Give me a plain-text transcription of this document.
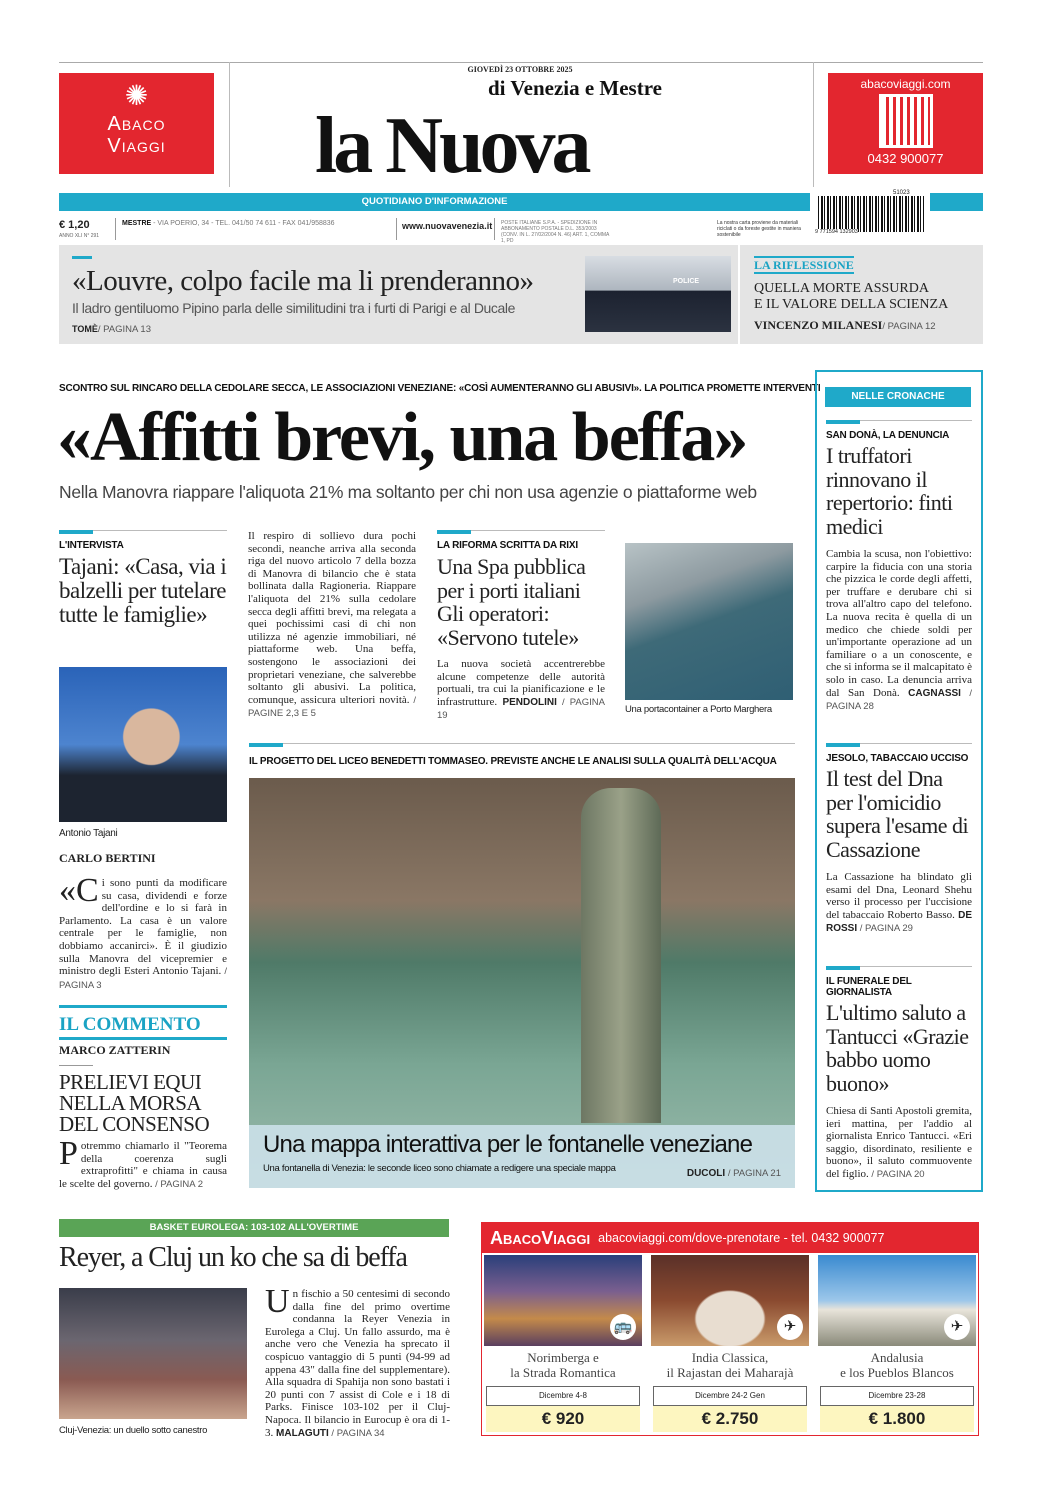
✺
Abaco
Viaggi
GIOVEDÌ 23 OTTOBRE 2025
di Venezia e Mestre
la Nuova
abacoviaggi.com
0432 900077
QUOTIDIANO D'INFORMAZIONE
51023
9 771594 132903
€ 1,20
ANNO XLI N° 291
MESTRE - VIA POERIO, 34 - TEL. 041/50 74 611 - FAX 041/958836	www.nuovavenezia.it POSTE ITALIANE S.P.A. - SPEDIZIONE IN ABBONAMENTO POSTALE D.L. 353/2003 (CONV. IN L. 27/02/2004 N. 46) ART. 1, COMMA 1, PD
La nostra carta proviene da materiali riciclati o da foreste gestite in maniera sostenibile
«Louvre, colpo facile ma li prenderanno»
Il ladro gentiluomo Pipino parla delle similitudini tra i furti di Parigi e al Ducale
TOMÈ/ PAGINA 13
POLICE
LA RIFLESSIONE
QUELLA MORTE ASSURDA
E IL VALORE DELLA SCIENZA
VINCENZO MILANESI/ PAGINA 12
SCONTRO SUL RINCARO DELLA CEDOLARE SECCA, LE ASSOCIAZIONI VENEZIANE: «COSÌ AUMENTERANNO GLI ABUSIVI». LA POLITICA PROMETTE INTERVENTI
«Affitti brevi, una beffa»
Nella Manovra riappare l'aliquota 21% ma soltanto per chi non usa agenzie o piattaforme web
L'INTERVISTA
Tajani: «Casa, via i balzelli per tutelare tutte le famiglie»
Antonio Tajani
CARLO BERTINI
«Ci sono punti da modificare su casa, dividendi e forze dell'ordine e lo si farà in Parlamento. La casa è un valore centrale per le famiglie, non dobbiamo accanirci». È il giudizio sulla Manovra del vicepremier e ministro degli Esteri Antonio Tajani. / PAGINA 3
IL COMMENTO
MARCO ZATTERIN
PRELIEVI EQUI NELLA MORSA DEL CONSENSO
Potremmo chiamarlo il "Teorema della coerenza sugli extraprofitti" e chiama in causa le scelte del governo. / PAGINA 2
Il respiro di sollievo dura pochi secondi, neanche arriva alla seconda riga del nuovo articolo 7 della bozza di Manovra di bilancio che è stata bollinata dalla Ragioneria. Riappare l'aliquota del 21% sulla cedolare secca degli affitti brevi, ma relegata a quei pochissimi casi di chi non utilizza né agenzie immobiliari, né piattaforme web. Una beffa, sostengono le associazioni dei proprietari veneziane, che salverebbe soltanto gli abusivi. La politica, comunque, assicura ulteriori novità. / PAGINE 2,3 E 5
LA RIFORMA SCRITTA DA RIXI
Una Spa pubblica per i porti italiani Gli operatori: «Servono tutele»
La nuova società accentrerebbe alcune competenze delle autorità portuali, tra cui la pianificazione e le infrastrutture. PENDOLINI / PAGINA 19
Una portacontainer a Porto Marghera
IL PROGETTO DEL LICEO BENEDETTI TOMMASEO. PREVISTE ANCHE LE ANALISI SULLA QUALITÀ DELL'ACQUA
Una mappa interattiva per le fontanelle veneziane
Una fontanella di Venezia: le seconde liceo sono chiamate a redigere una speciale mappa	DUCOLI / PAGINA 21
NELLE CRONACHE
SAN DONÀ, LA DENUNCIA
I truffatori rinnovano il repertorio: finti medici
Cambia la scusa, non l'obiettivo: carpire la fiducia con una storia che pizzica le corde degli affetti, per truffare e derubare chi si trova all'altro capo del telefono. La nuova recita è quella di un medico che chiede soldi per un'importante operazione ad un familiare o a un conoscente, e che si informa se il malcapitato è solo in caso. La denuncia arriva dal San Donà. CAGNASSI / PAGINA 28
JESOLO, TABACCAIO UCCISO
Il test del Dna per l'omicidio supera l'esame di Cassazione
La Cassazione ha blindato gli esami del Dna, Leonard Shehu verso il processo per l'uccisione del tabaccaio Roberto Basso. DE ROSSI / PAGINA 29
IL FUNERALE DEL GIORNALISTA
L'ultimo saluto a Tantucci «Grazie babbo uomo buono»
Chiesa di Santi Apostoli gremita, ieri mattina, per l'addio al giornalista Enrico Tantucci. «Eri saggio, disordinato, resiliente e buono», il saluto commuovente del figlio. / PAGINA 20
BASKET EUROLEGA: 103-102 ALL'OVERTIME
Reyer, a Cluj un ko che sa di beffa
Cluj-Venezia: un duello sotto canestro
Un fischio a 50 centesimi di secondo dalla fine del primo overtime condanna la Reyer Venezia in Eurolega a Cluj. Un fallo assurdo, ma è anche vero che Venezia ha sprecato il cospicuo vantaggio di 5 punti (94-99 ad appena 43" dalla fine del supplementare). Alla squadra di Spahija non sono bastati i 20 punti con 7 assist di Cole e i 18 di Parks. Finisce 103-102 per il Cluj-Napoca. Il bilancio in Eurocup è ora di 1-3. MALAGUTI / PAGINA 34
AbacoViaggi abacoviaggi.com/dove-prenotare - tel. 0432 900077
🚌
Norimberga e
la Strada Romantica
Dicembre 4-8
€ 920
✈
India Classica,
il Rajastan dei Maharajà
Dicembre 24-2 Gen
€ 2.750
✈
Andalusia
e los Pueblos Blancos
Dicembre 23-28
€ 1.800
